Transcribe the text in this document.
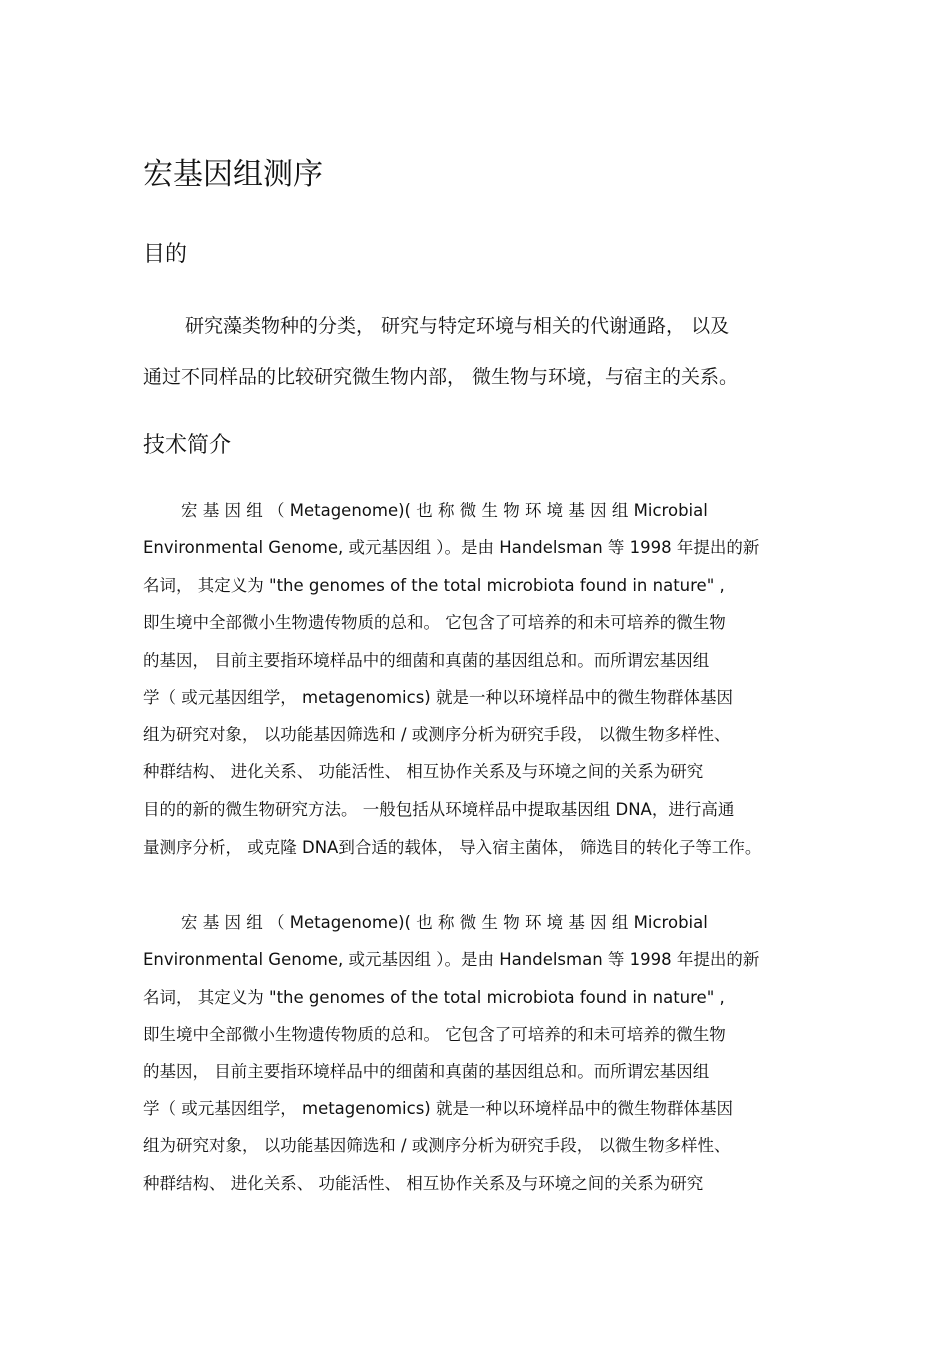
宏基因组测序
目的

研究藻类物种的分类， 研究与特定环境与相关的代谢通路， 以及

通过不同样品的比较研究微生物内部， 微生物与环境，与宿主的关系。

技术简介

宏 基 因 组 （ Metagenome)( 也 称 微 生 物 环 境 基 因 组 Microbial

Environmental Genome, 或元基因组 ）。是由 Handelsman 等 1998 年提出的新

名词， 其定义为 "the genomes of the total microbiota found in nature" ,

即生境中全部微小生物遗传物质的总和。 它包含了可培养的和未可培养的微生物

的基因， 目前主要指环境样品中的细菌和真菌的基因组总和。而所谓宏基因组

学（ 或元基因组学， metagenomics) 就是一种以环境样品中的微生物群体基因

组为研究对象， 以功能基因筛选和 / 或测序分析为研究手段， 以微生物多样性、

种群结构、 进化关系、 功能活性、 相互协作关系及与环境之间的关系为研究

目的的新的微生物研究方法。 一般包括从环境样品中提取基因组 DNA，进行高通

量测序分析， 或克隆 DNA到合适的载体， 导入宿主菌体， 筛选目的转化子等工作。

宏 基 因 组 （ Metagenome)( 也 称 微 生 物 环 境 基 因 组 Microbial

Environmental Genome, 或元基因组 ）。是由 Handelsman 等 1998 年提出的新

名词， 其定义为 "the genomes of the total microbiota found in nature" ,

即生境中全部微小生物遗传物质的总和。 它包含了可培养的和未可培养的微生物

的基因， 目前主要指环境样品中的细菌和真菌的基因组总和。而所谓宏基因组

学（ 或元基因组学， metagenomics) 就是一种以环境样品中的微生物群体基因

组为研究对象， 以功能基因筛选和 / 或测序分析为研究手段， 以微生物多样性、

种群结构、 进化关系、 功能活性、 相互协作关系及与环境之间的关系为研究
